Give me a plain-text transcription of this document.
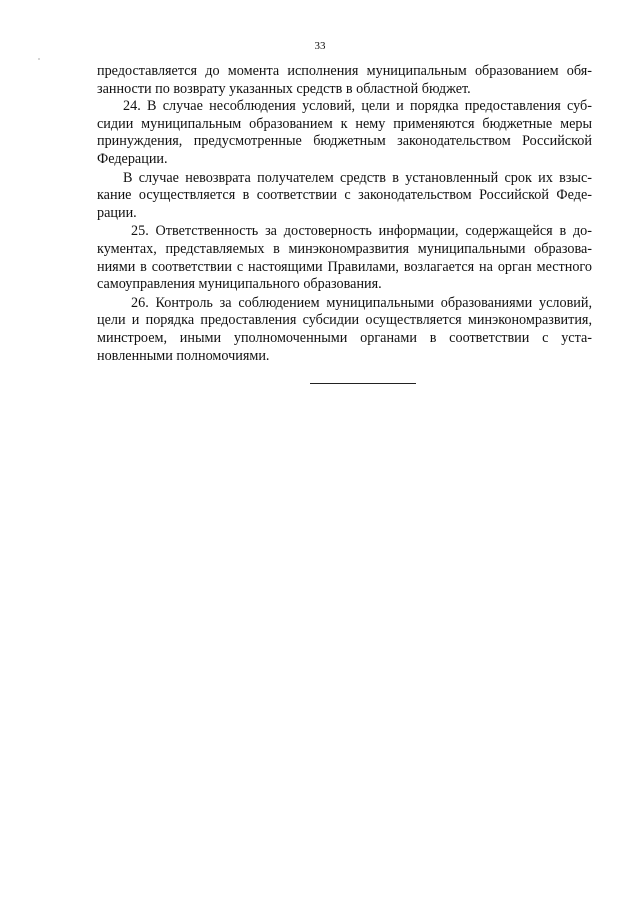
33

предоставляется до момента исполнения муниципальным образованием обязанности по возврату указанных средств в областной бюджет.

24. В случае несоблюдения условий, цели и порядка предоставления субсидии муниципальным образованием к нему применяются бюджетные меры принуждения, предусмотренные бюджетным законодательством Российской Федерации.

В случае невозврата получателем средств в установленный срок их взыскание осуществляется в соответствии с законодательством Российской Федерации.

25. Ответственность за достоверность информации, содержащейся в документах, представляемых в минэкономразвития муниципальными образованиями в соответствии с настоящими Правилами, возлагается на орган местного самоуправления муниципального образования.

26. Контроль за соблюдением муниципальными образованиями условий, цели и порядка предоставления субсидии осуществляется минэкономразвития, минстроем, иными уполномоченными органами в соответствии с установленными полномочиями.
